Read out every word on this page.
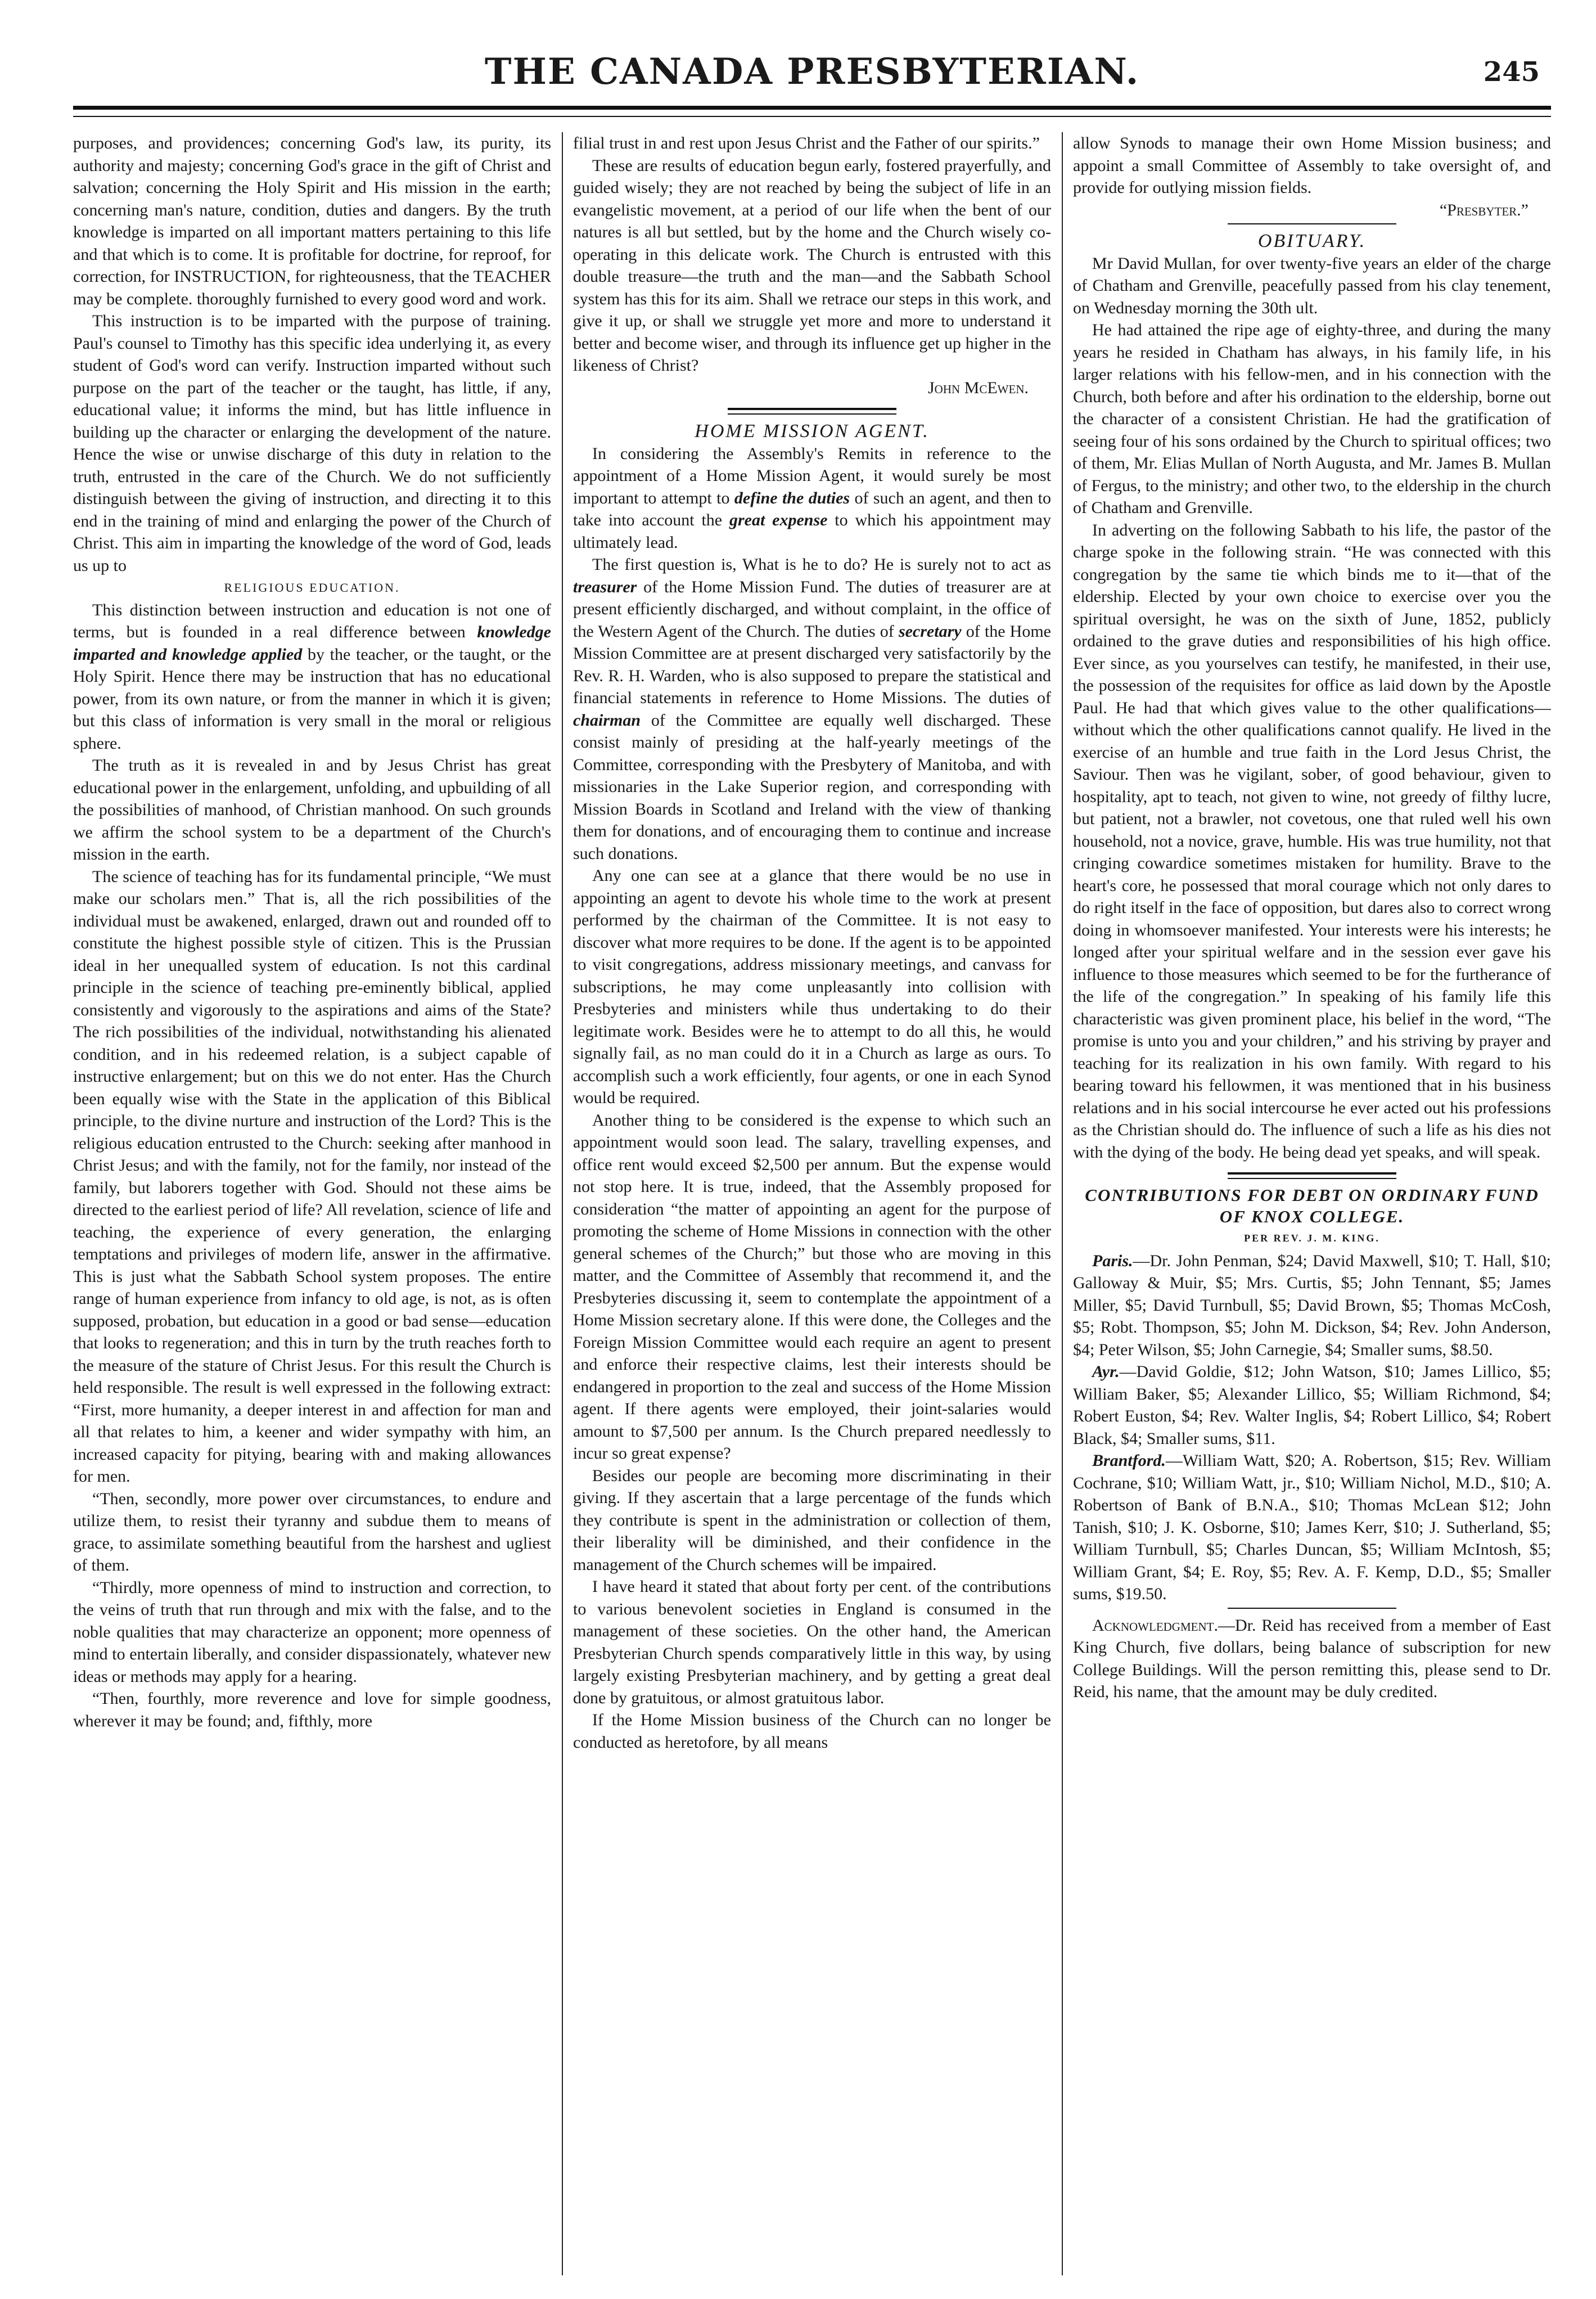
THE CANADA PRESBYTERIAN.	245

purposes, and providences; concerning God's law, its purity, its authority and majesty; concerning God's grace in the gift of Christ and salvation; concerning the Holy Spirit and His mission in the earth; concerning man's nature, condition, duties and dangers. By the truth knowledge is imparted on all important matters pertaining to this life and that which is to come. It is profitable for doctrine, for reproof, for correction, for INSTRUCTION, for righteousness, that the TEACHER may be complete. thoroughly furnished to every good word and work.

This instruction is to be imparted with the purpose of training. Paul's counsel to Timothy has this specific idea underlying it, as every student of God's word can verify. Instruction imparted without such purpose on the part of the teacher or the taught, has little, if any, educational value; it informs the mind, but has little influence in building up the character or enlarging the development of the nature. Hence the wise or unwise discharge of this duty in relation to the truth, entrusted in the care of the Church. We do not sufficiently distinguish between the giving of instruction, and directing it to this end in the training of mind and enlarging the power of the Church of Christ. This aim in imparting the knowledge of the word of God, leads us up to

RELIGIOUS EDUCATION.

This distinction between instruction and education is not one of terms, but is founded in a real difference between knowledge imparted and knowledge applied by the teacher, or the taught, or the Holy Spirit. Hence there may be instruction that has no educational power, from its own nature, or from the manner in which it is given; but this class of information is very small in the moral or religious sphere.

The truth as it is revealed in and by Jesus Christ has great educational power in the enlargement, unfolding, and upbuilding of all the possibilities of manhood, of Christian manhood. On such grounds we affirm the school system to be a department of the Church's mission in the earth.

The science of teaching has for its fundamental principle, “We must make our scholars men.” That is, all the rich possibilities of the individual must be awakened, enlarged, drawn out and rounded off to constitute the highest possible style of citizen. This is the Prussian ideal in her unequalled system of education. Is not this cardinal principle in the science of teaching pre-eminently biblical, applied consistently and vigorously to the aspirations and aims of the State? The rich possibilities of the individual, notwithstanding his alienated condition, and in his redeemed relation, is a subject capable of instructive enlargement; but on this we do not enter. Has the Church been equally wise with the State in the application of this Biblical principle, to the divine nurture and instruction of the Lord? This is the religious education entrusted to the Church: seeking after manhood in Christ Jesus; and with the family, not for the family, nor instead of the family, but laborers together with God. Should not these aims be directed to the earliest period of life? All revelation, science of life and teaching, the experience of every generation, the enlarging temptations and privileges of modern life, answer in the affirmative. This is just what the Sabbath School system proposes. The entire range of human experience from infancy to old age, is not, as is often supposed, probation, but education in a good or bad sense—education that looks to regeneration; and this in turn by the truth reaches forth to the measure of the stature of Christ Jesus. For this result the Church is held responsible. The result is well expressed in the following extract: “First, more humanity, a deeper interest in and affection for man and all that relates to him, a keener and wider sympathy with him, an increased capacity for pitying, bearing with and making allowances for men.

“Then, secondly, more power over circumstances, to endure and utilize them, to resist their tyranny and subdue them to means of grace, to assimilate something beautiful from the harshest and ugliest of them.

“Thirdly, more openness of mind to instruction and correction, to the veins of truth that run through and mix with the false, and to the noble qualities that may characterize an opponent; more openness of mind to entertain liberally, and consider dispassionately, whatever new ideas or methods may apply for a hearing.

“Then, fourthly, more reverence and love for simple goodness, wherever it may be found; and, fifthly, more

filial trust in and rest upon Jesus Christ and the Father of our spirits.”

These are results of education begun early, fostered prayerfully, and guided wisely; they are not reached by being the subject of life in an evangelistic movement, at a period of our life when the bent of our natures is all but settled, but by the home and the Church wisely co-operating in this delicate work. The Church is entrusted with this double treasure—the truth and the man—and the Sabbath School system has this for its aim. Shall we retrace our steps in this work, and give it up, or shall we struggle yet more and more to understand it better and become wiser, and through its influence get up higher in the likeness of Christ?

John McEwen.

HOME MISSION AGENT.

In considering the Assembly's Remits in reference to the appointment of a Home Mission Agent, it would surely be most important to attempt to define the duties of such an agent, and then to take into account the great expense to which his appointment may ultimately lead.

The first question is, What is he to do? He is surely not to act as treasurer of the Home Mission Fund. The duties of treasurer are at present efficiently discharged, and without complaint, in the office of the Western Agent of the Church. The duties of secretary of the Home Mission Committee are at present discharged very satisfactorily by the Rev. R. H. Warden, who is also supposed to prepare the statistical and financial statements in reference to Home Missions. The duties of chairman of the Committee are equally well discharged. These consist mainly of presiding at the half-yearly meetings of the Committee, corresponding with the Presbytery of Manitoba, and with missionaries in the Lake Superior region, and corresponding with Mission Boards in Scotland and Ireland with the view of thanking them for donations, and of encouraging them to continue and increase such donations.

Any one can see at a glance that there would be no use in appointing an agent to devote his whole time to the work at present performed by the chairman of the Committee. It is not easy to discover what more requires to be done. If the agent is to be appointed to visit congregations, address missionary meetings, and canvass for subscriptions, he may come unpleasantly into collision with Presbyteries and ministers while thus undertaking to do their legitimate work. Besides were he to attempt to do all this, he would signally fail, as no man could do it in a Church as large as ours. To accomplish such a work efficiently, four agents, or one in each Synod would be required.

Another thing to be considered is the expense to which such an appointment would soon lead. The salary, travelling expenses, and office rent would exceed $2,500 per annum. But the expense would not stop here. It is true, indeed, that the Assembly proposed for consideration “the matter of appointing an agent for the purpose of promoting the scheme of Home Missions in connection with the other general schemes of the Church;” but those who are moving in this matter, and the Committee of Assembly that recommend it, and the Presbyteries discussing it, seem to contemplate the appointment of a Home Mission secretary alone. If this were done, the Colleges and the Foreign Mission Committee would each require an agent to present and enforce their respective claims, lest their interests should be endangered in proportion to the zeal and success of the Home Mission agent. If there agents were employed, their joint-salaries would amount to $7,500 per annum. Is the Church prepared needlessly to incur so great expense?

Besides our people are becoming more discriminating in their giving. If they ascertain that a large percentage of the funds which they contribute is spent in the administration or collection of them, their liberality will be diminished, and their confidence in the management of the Church schemes will be impaired.

I have heard it stated that about forty per cent. of the contributions to various benevolent societies in England is consumed in the management of these societies. On the other hand, the American Presbyterian Church spends comparatively little in this way, by using largely existing Presbyterian machinery, and by getting a great deal done by gratuitous, or almost gratuitous labor.

If the Home Mission business of the Church can no longer be conducted as heretofore, by all means

allow Synods to manage their own Home Mission business; and appoint a small Committee of Assembly to take oversight of, and provide for outlying mission fields.

“Presbyter.”

OBITUARY.

Mr David Mullan, for over twenty-five years an elder of the charge of Chatham and Grenville, peacefully passed from his clay tenement, on Wednesday morning the 30th ult.

He had attained the ripe age of eighty-three, and during the many years he resided in Chatham has always, in his family life, in his larger relations with his fellow-men, and in his connection with the Church, both before and after his ordination to the eldership, borne out the character of a consistent Christian. He had the gratification of seeing four of his sons ordained by the Church to spiritual offices; two of them, Mr. Elias Mullan of North Augusta, and Mr. James B. Mullan of Fergus, to the ministry; and other two, to the eldership in the church of Chatham and Grenville.

In adverting on the following Sabbath to his life, the pastor of the charge spoke in the following strain. “He was connected with this congregation by the same tie which binds me to it—that of the eldership. Elected by your own choice to exercise over you the spiritual oversight, he was on the sixth of June, 1852, publicly ordained to the grave duties and responsibilities of his high office. Ever since, as you yourselves can testify, he manifested, in their use, the possession of the requisites for office as laid down by the Apostle Paul. He had that which gives value to the other qualifications—without which the other qualifications cannot qualify. He lived in the exercise of an humble and true faith in the Lord Jesus Christ, the Saviour. Then was he vigilant, sober, of good behaviour, given to hospitality, apt to teach, not given to wine, not greedy of filthy lucre, but patient, not a brawler, not covetous, one that ruled well his own household, not a novice, grave, humble. His was true humility, not that cringing cowardice sometimes mistaken for humility. Brave to the heart's core, he possessed that moral courage which not only dares to do right itself in the face of opposition, but dares also to correct wrong doing in whomsoever manifested. Your interests were his interests; he longed after your spiritual welfare and in the session ever gave his influence to those measures which seemed to be for the furtherance of the life of the congregation.” In speaking of his family life this characteristic was given prominent place, his belief in the word, “The promise is unto you and your children,” and his striving by prayer and teaching for its realization in his own family. With regard to his bearing toward his fellowmen, it was mentioned that in his business relations and in his social intercourse he ever acted out his professions as the Christian should do. The influence of such a life as his dies not with the dying of the body. He being dead yet speaks, and will speak.

CONTRIBUTIONS FOR DEBT ON ORDINARY FUND OF KNOX COLLEGE.

PER REV. J. M. KING.

Paris.—Dr. John Penman, $24; David Maxwell, $10; T. Hall, $10; Galloway & Muir, $5; Mrs. Curtis, $5; John Tennant, $5; James Miller, $5; David Turnbull, $5; David Brown, $5; Thomas McCosh, $5; Robt. Thompson, $5; John M. Dickson, $4; Rev. John Anderson, $4; Peter Wilson, $5; John Carnegie, $4; Smaller sums, $8.50.

Ayr.—David Goldie, $12; John Watson, $10; James Lillico, $5; William Baker, $5; Alexander Lillico, $5; William Richmond, $4; Robert Euston, $4; Rev. Walter Inglis, $4; Robert Lillico, $4; Robert Black, $4; Smaller sums, $11.

Brantford.—William Watt, $20; A. Robertson, $15; Rev. William Cochrane, $10; William Watt, jr., $10; William Nichol, M.D., $10; A. Robertson of Bank of B.N.A., $10; Thomas McLean $12; John Tanish, $10; J. K. Osborne, $10; James Kerr, $10; J. Sutherland, $5; William Turnbull, $5; Charles Duncan, $5; William McIntosh, $5; William Grant, $4; E. Roy, $5; Rev. A. F. Kemp, D.D., $5; Smaller sums, $19.50.

Acknowledgment.—Dr. Reid has received from a member of East King Church, five dollars, being balance of subscription for new College Buildings. Will the person remitting this, please send to Dr. Reid, his name, that the amount may be duly credited.
